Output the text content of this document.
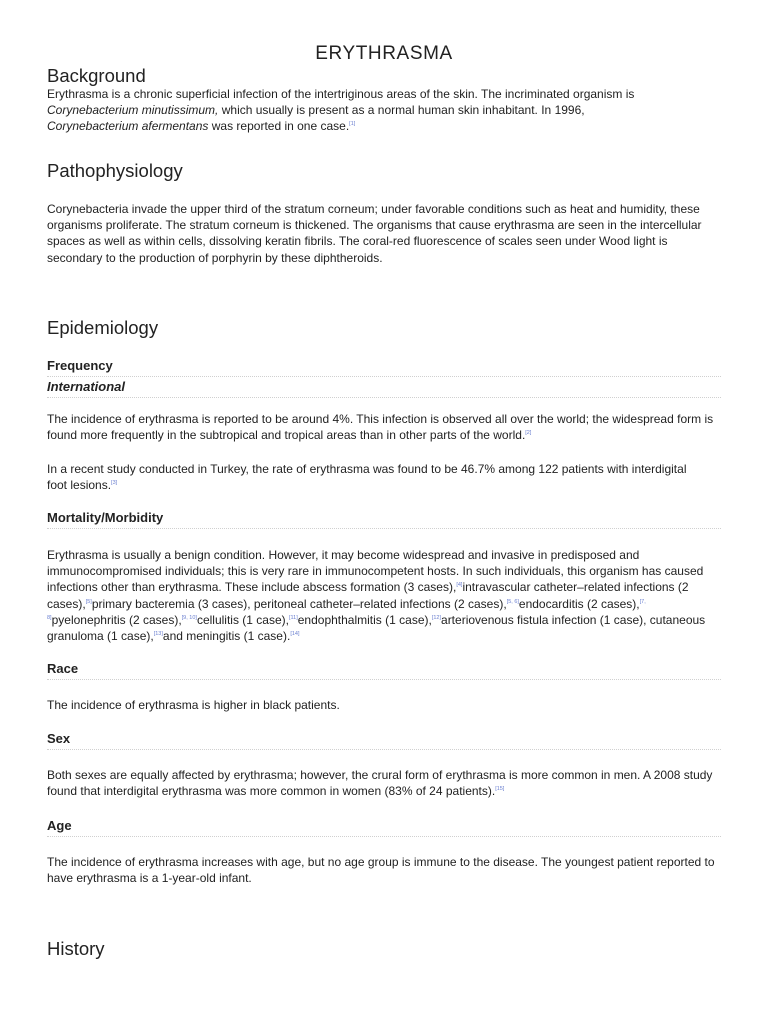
ERYTHRASMA
Background

Erythrasma is a chronic superficial infection of the intertriginous areas of the skin. The incriminated organism is Corynebacterium minutissimum, which usually is present as a normal human skin inhabitant. In 1996, Corynebacterium afermentans was reported in one case.[1]

Pathophysiology

Corynebacteria invade the upper third of the stratum corneum; under favorable conditions such as heat and humidity, these organisms proliferate. The stratum corneum is thickened. The organisms that cause erythrasma are seen in the intercellular spaces as well as within cells, dissolving keratin fibrils. The coral-red fluorescence of scales seen under Wood light is secondary to the production of porphyrin by these diphtheroids.

Epidemiology
Frequency
International

The incidence of erythrasma is reported to be around 4%. This infection is observed all over the world; the widespread form is found more frequently in the subtropical and tropical areas than in other parts of the world.[2]

In a recent study conducted in Turkey, the rate of erythrasma was found to be 46.7% among 122 patients with interdigital foot lesions.[3]

Mortality/Morbidity

Erythrasma is usually a benign condition. However, it may become widespread and invasive in predisposed and immunocompromised individuals; this is very rare in immunocompetent hosts. In such individuals, this organism has caused infections other than erythrasma. These include abscess formation (3 cases),[4]intravascular catheter–related infections (2 cases),[5]primary bacteremia (3 cases), peritoneal catheter–related infections (2 cases),[5, 6]endocarditis (2 cases),[7, 8]pyelonephritis (2 cases),[9, 10]cellulitis (1 case),[11]endophthalmitis (1 case),[12]arteriovenous fistula infection (1 case), cutaneous granuloma (1 case),[13]and meningitis (1 case).[14]

Race

The incidence of erythrasma is higher in black patients.

Sex

Both sexes are equally affected by erythrasma; however, the crural form of erythrasma is more common in men. A 2008 study found that interdigital erythrasma was more common in women (83% of 24 patients).[15]

Age

The incidence of erythrasma increases with age, but no age group is immune to the disease. The youngest patient reported to have erythrasma is a 1-year-old infant.

History
